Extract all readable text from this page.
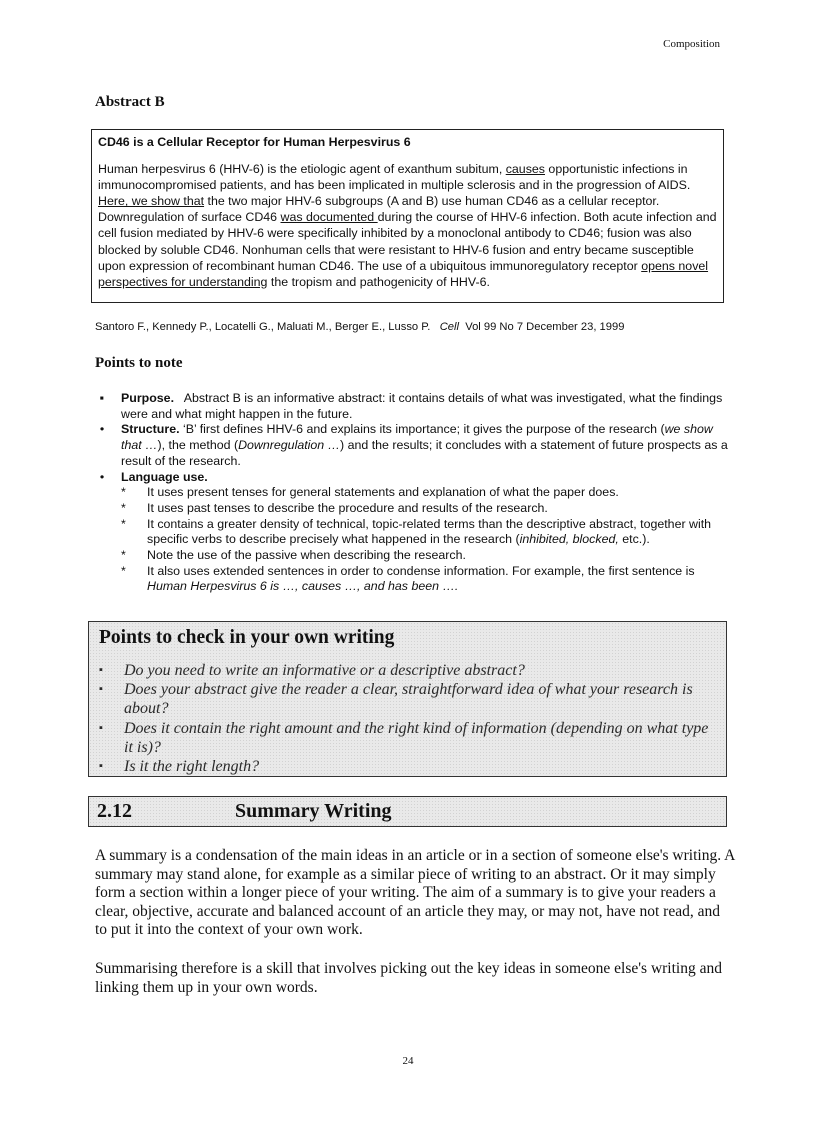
Composition
Abstract B

CD46 is a Cellular Receptor for Human Herpesvirus 6

Human herpesvirus 6 (HHV-6) is the etiologic agent of exanthum subitum, causes opportunistic infections in immunocompromised patients, and has been implicated in multiple sclerosis and in the progression of AIDS. Here, we show that the two major HHV-6 subgroups (A and B) use human CD46 as a cellular receptor. Downregulation of surface CD46 was documented during the course of HHV-6 infection. Both acute infection and cell fusion mediated by HHV-6 were specifically inhibited by a monoclonal antibody to CD46; fusion was also blocked by soluble CD46. Nonhuman cells that were resistant to HHV-6 fusion and entry became susceptible upon expression of recombinant human CD46. The use of a ubiquitous immunoregulatory receptor opens novel perspectives for understanding the tropism and pathogenicity of HHV-6.

Santoro F., Kennedy P., Locatelli G., Maluati M., Berger E., Lusso P. Cell Vol 99 No 7 December 23, 1999
Points to note
▪	Purpose. Abstract B is an informative abstract: it contains details of what was investigated, what the findings were and what might happen in the future.
•	Structure. ‘B’ first defines HHV-6 and explains its importance; it gives the purpose of the research (we show that …), the method (Downregulation …) and the results; it concludes with a statement of future prospects as a result of the research.
•	Language use.
* It uses present tenses for general statements and explanation of what the paper does.
* It uses past tenses to describe the procedure and results of the research.
* It contains a greater density of technical, topic-related terms than the descriptive abstract, together with specific verbs to describe precisely what happened in the research (inhibited, blocked, etc.).
* Note the use of the passive when describing the research.
* It also uses extended sentences in order to condense information. For example, the first sentence is Human Herpesvirus 6 is …, causes …, and has been ….

Points to check in your own writing

▪ Do you need to write an informative or a descriptive abstract?
▪ Does your abstract give the reader a clear, straightforward idea of what your research is about?
▪ Does it contain the right amount and the right kind of information (depending on what type it is)?
▪ Is it the right length?
2.12	Summary Writing

A summary is a condensation of the main ideas in an article or in a section of someone else's writing. A summary may stand alone, for example as a similar piece of writing to an abstract. Or it may simply form a section within a longer piece of your writing. The aim of a summary is to give your readers a clear, objective, accurate and balanced account of an article they may, or may not, have not read, and to put it into the context of your own work.

Summarising therefore is a skill that involves picking out the key ideas in someone else's writing and linking them up in your own words.

24
